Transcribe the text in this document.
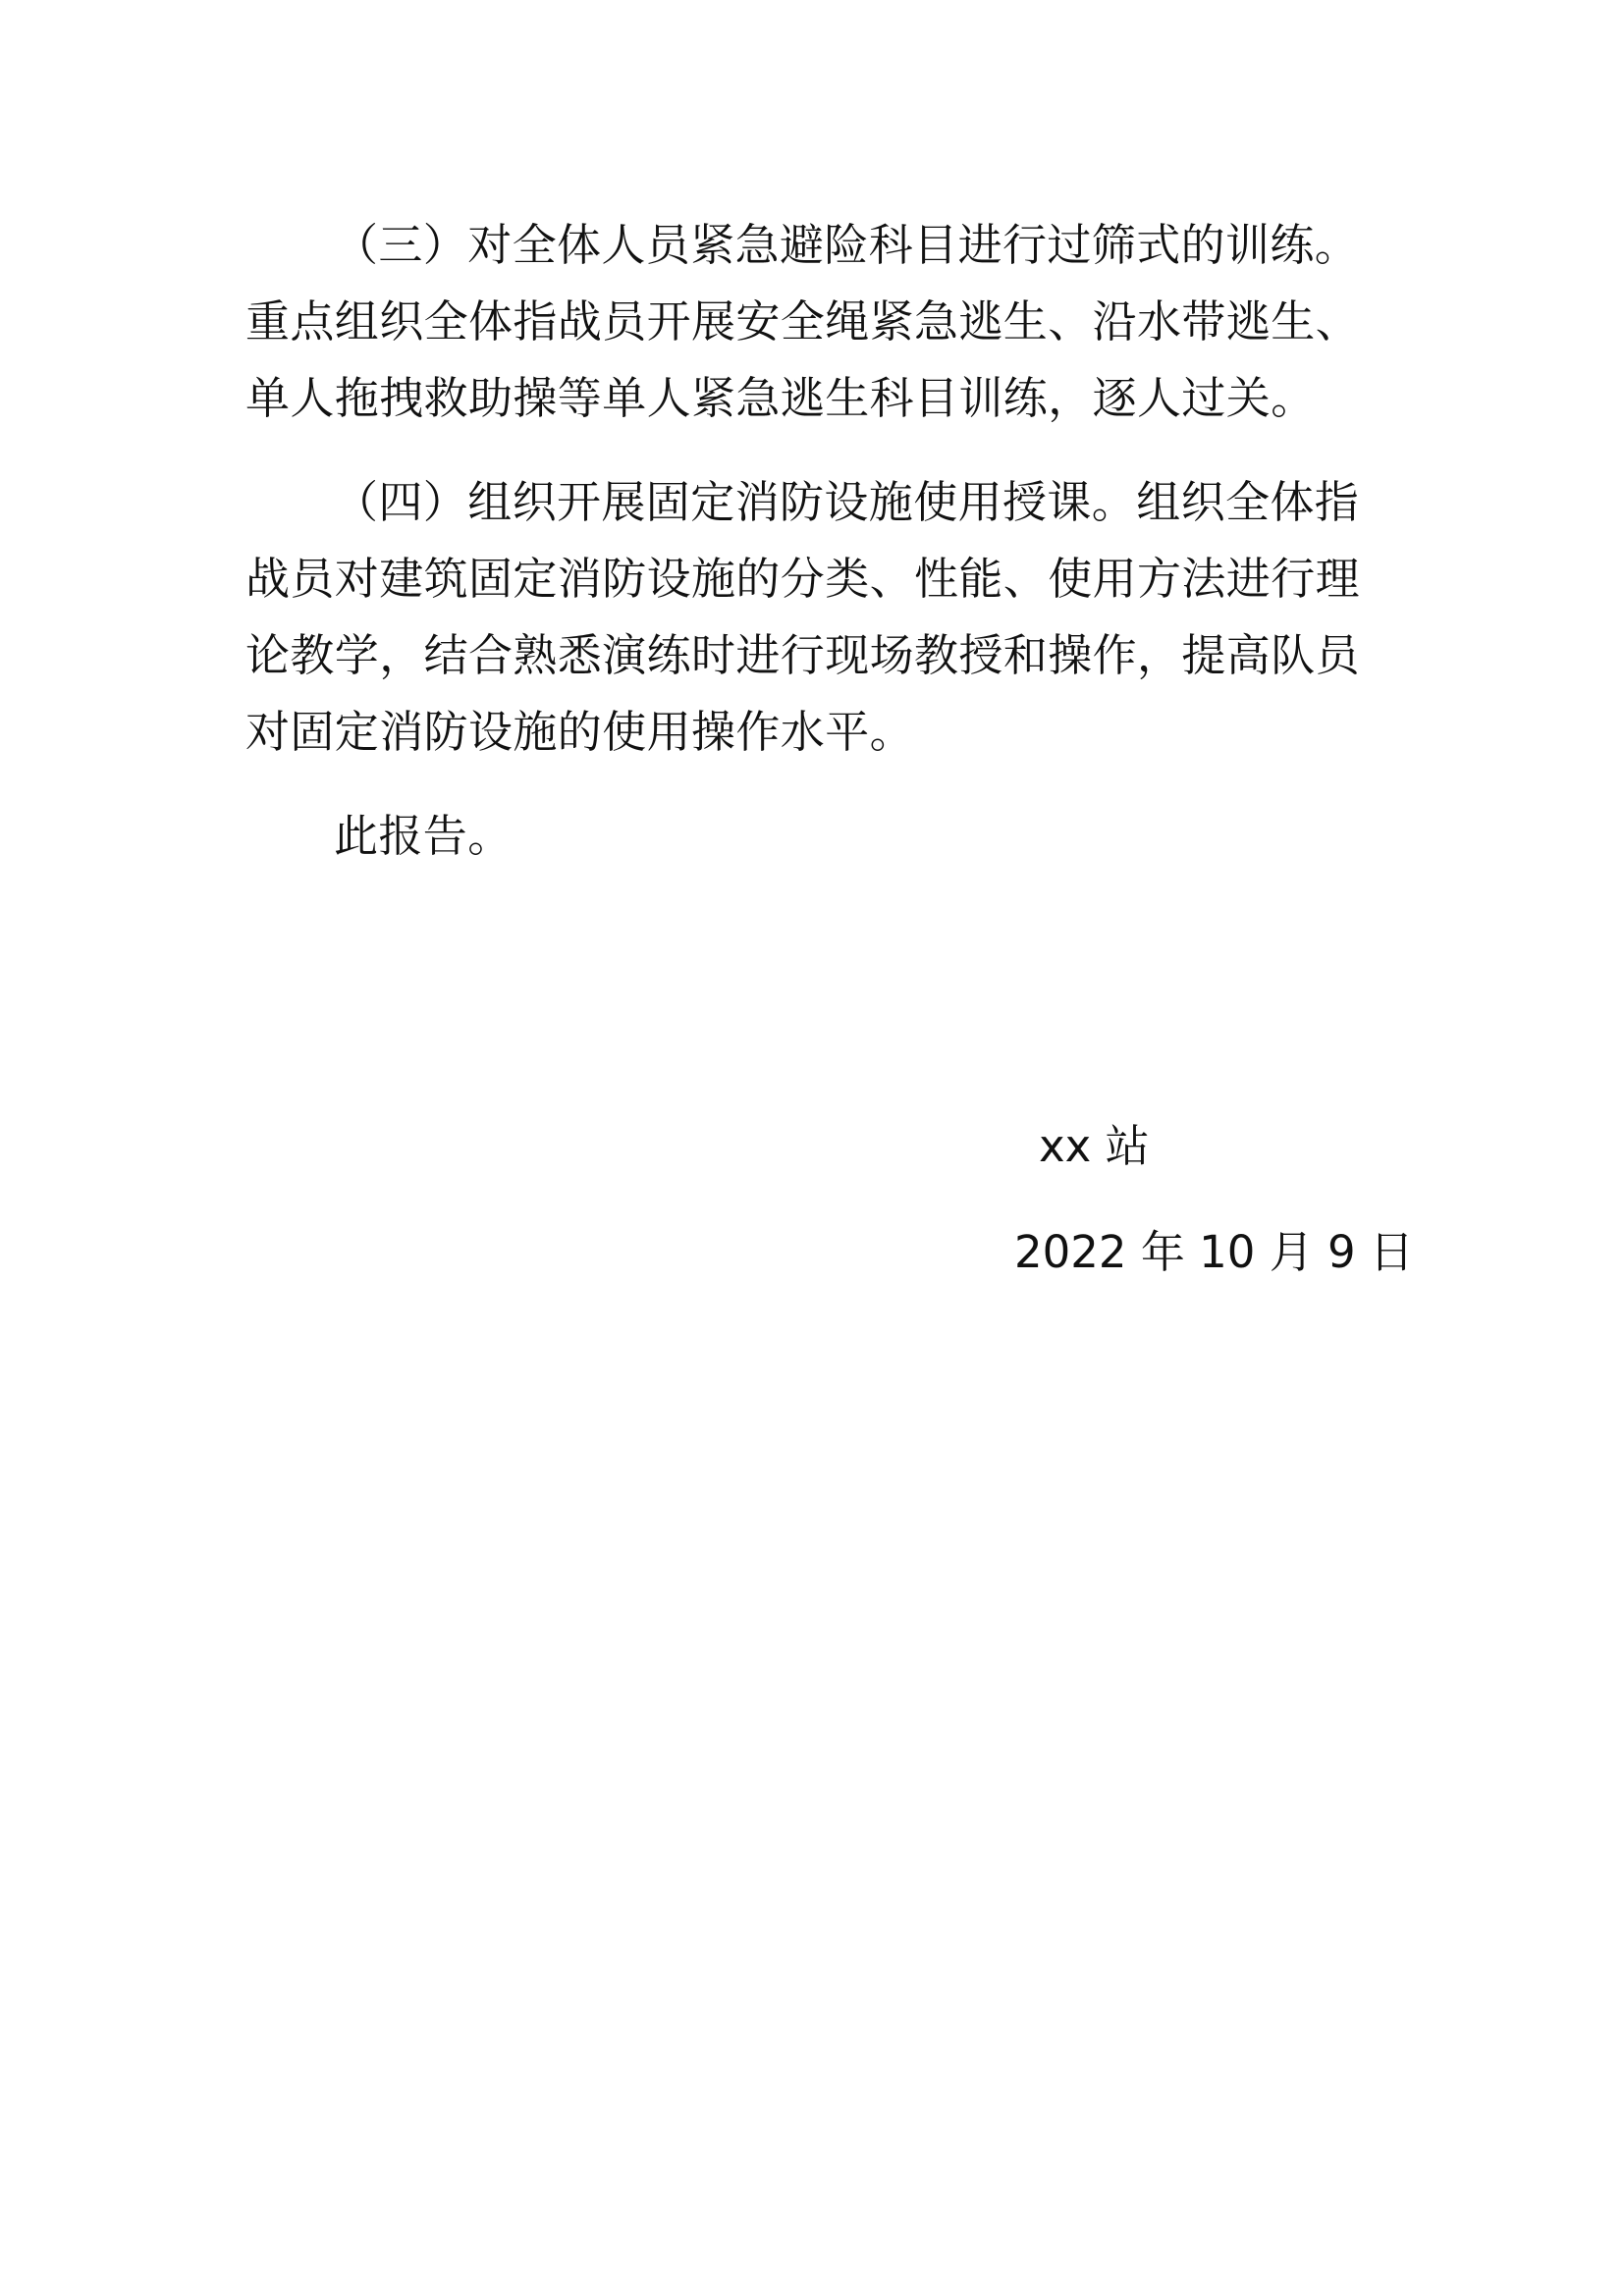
（三）对全体人员紧急避险科目进行过筛式的训练。
重点组织全体指战员开展安全绳紧急逃生、沿水带逃生、
单人拖拽救助操等单人紧急逃生科目训练，逐人过关。
（四）组织开展固定消防设施使用授课。组织全体指
战员对建筑固定消防设施的分类、性能、使用方法进行理
论教学，结合熟悉演练时进行现场教授和操作，提高队员
对固定消防设施的使用操作水平。
此报告。
xx 站
2022 年 10 月 9 日
